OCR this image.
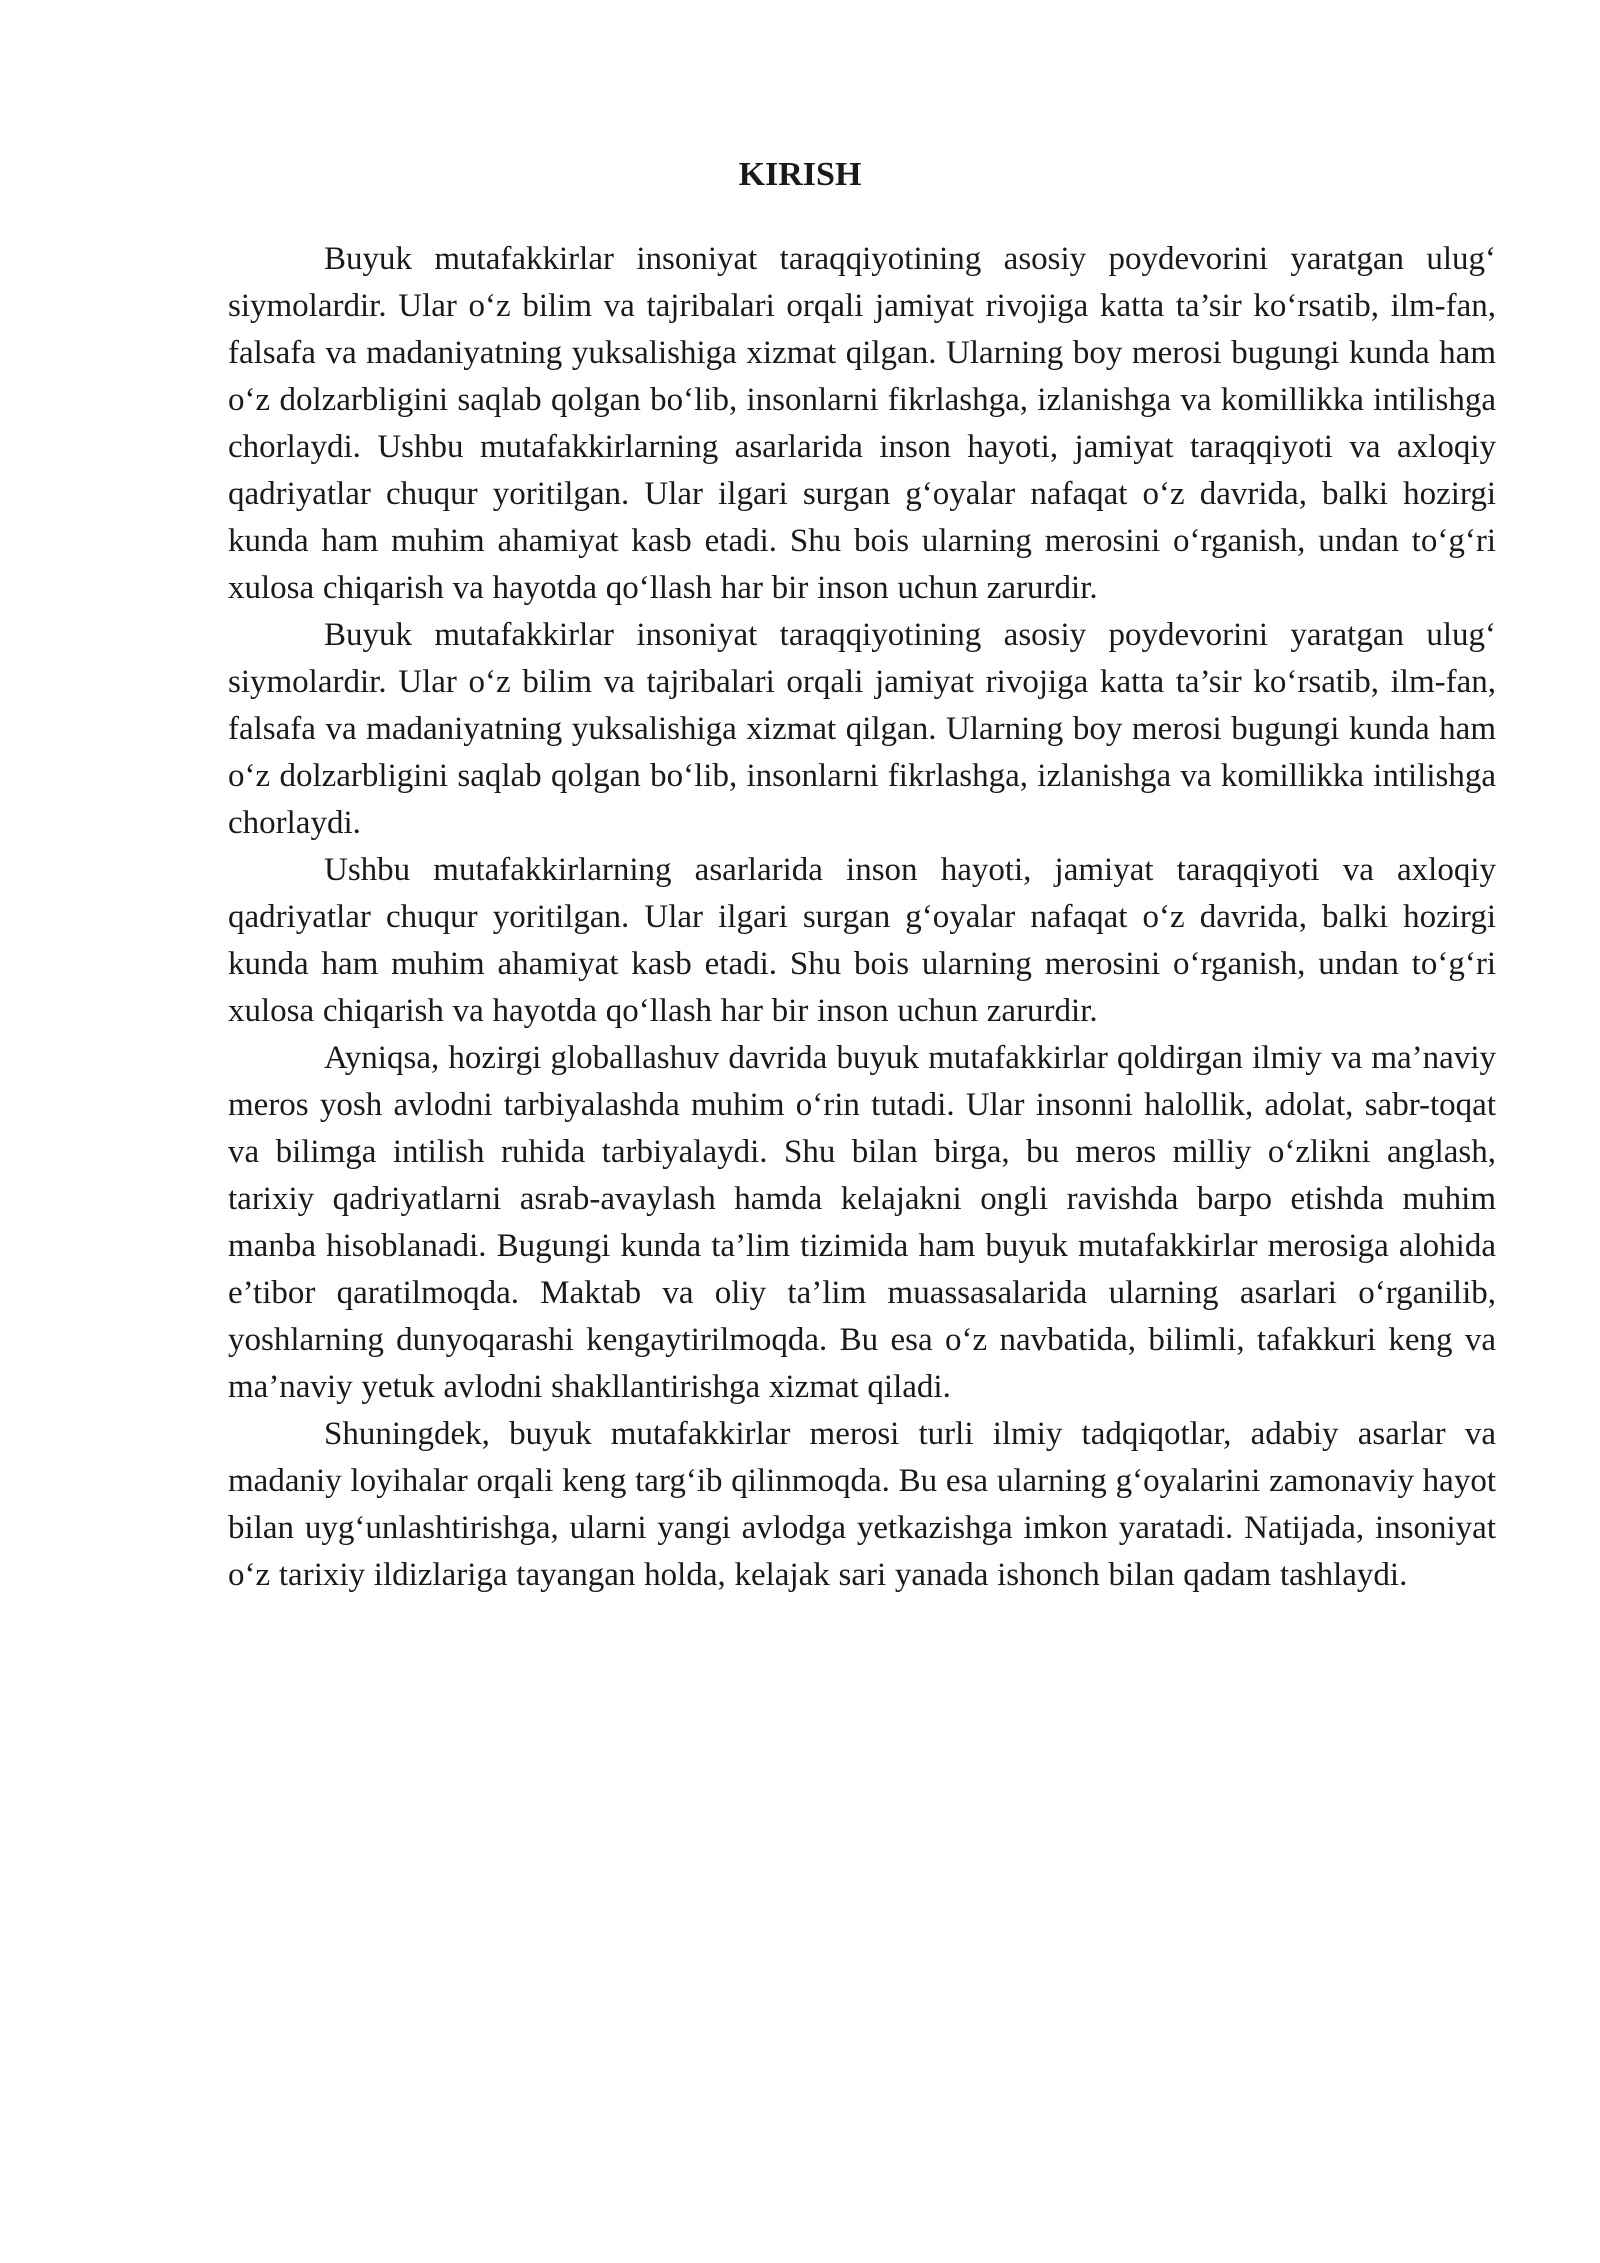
KIRISH

Buyuk mutafakkirlar insoniyat taraqqiyotining asosiy poydevorini yaratgan ulug‘ siymolardir. Ular o‘z bilim va tajribalari orqali jamiyat rivojiga katta ta’sir ko‘rsatib, ilm-fan, falsafa va madaniyatning yuksalishiga xizmat qilgan. Ularning boy merosi bugungi kunda ham o‘z dolzarbligini saqlab qolgan bo‘lib, insonlarni fikrlashga, izlanishga va komillikka intilishga chorlaydi. Ushbu mutafakkirlarning asarlarida inson hayoti, jamiyat taraqqiyoti va axloqiy qadriyatlar chuqur yoritilgan. Ular ilgari surgan g‘oyalar nafaqat o‘z davrida, balki hozirgi kunda ham muhim ahamiyat kasb etadi. Shu bois ularning merosini o‘rganish, undan to‘g‘ri xulosa chiqarish va hayotda qo‘llash har bir inson uchun zarurdir.

Buyuk mutafakkirlar insoniyat taraqqiyotining asosiy poydevorini yaratgan ulug‘ siymolardir. Ular o‘z bilim va tajribalari orqali jamiyat rivojiga katta ta’sir ko‘rsatib, ilm-fan, falsafa va madaniyatning yuksalishiga xizmat qilgan. Ularning boy merosi bugungi kunda ham o‘z dolzarbligini saqlab qolgan bo‘lib, insonlarni fikrlashga, izlanishga va komillikka intilishga chorlaydi.

Ushbu mutafakkirlarning asarlarida inson hayoti, jamiyat taraqqiyoti va axloqiy qadriyatlar chuqur yoritilgan. Ular ilgari surgan g‘oyalar nafaqat o‘z davrida, balki hozirgi kunda ham muhim ahamiyat kasb etadi. Shu bois ularning merosini o‘rganish, undan to‘g‘ri xulosa chiqarish va hayotda qo‘llash har bir inson uchun zarurdir.

Ayniqsa, hozirgi globallashuv davrida buyuk mutafakkirlar qoldirgan ilmiy va ma’naviy meros yosh avlodni tarbiyalashda muhim o‘rin tutadi. Ular insonni halollik, adolat, sabr-toqat va bilimga intilish ruhida tarbiyalaydi. Shu bilan birga, bu meros milliy o‘zlikni anglash, tarixiy qadriyatlarni asrab-avaylash hamda kelajakni ongli ravishda barpo etishda muhim manba hisoblanadi. Bugungi kunda ta’lim tizimida ham buyuk mutafakkirlar merosiga alohida e’tibor qaratilmoqda. Maktab va oliy ta’lim muassasalarida ularning asarlari o‘rganilib, yoshlarning dunyoqarashi kengaytirilmoqda. Bu esa o‘z navbatida, bilimli, tafakkuri keng va ma’naviy yetuk avlodni shakllantirishga xizmat qiladi.

Shuningdek, buyuk mutafakkirlar merosi turli ilmiy tadqiqotlar, adabiy asarlar va madaniy loyihalar orqali keng targ‘ib qilinmoqda. Bu esa ularning g‘oyalarini zamonaviy hayot bilan uyg‘unlashtirishga, ularni yangi avlodga yetkazishga imkon yaratadi. Natijada, insoniyat o‘z tarixiy ildizlariga tayangan holda, kelajak sari yanada ishonch bilan qadam tashlaydi.
